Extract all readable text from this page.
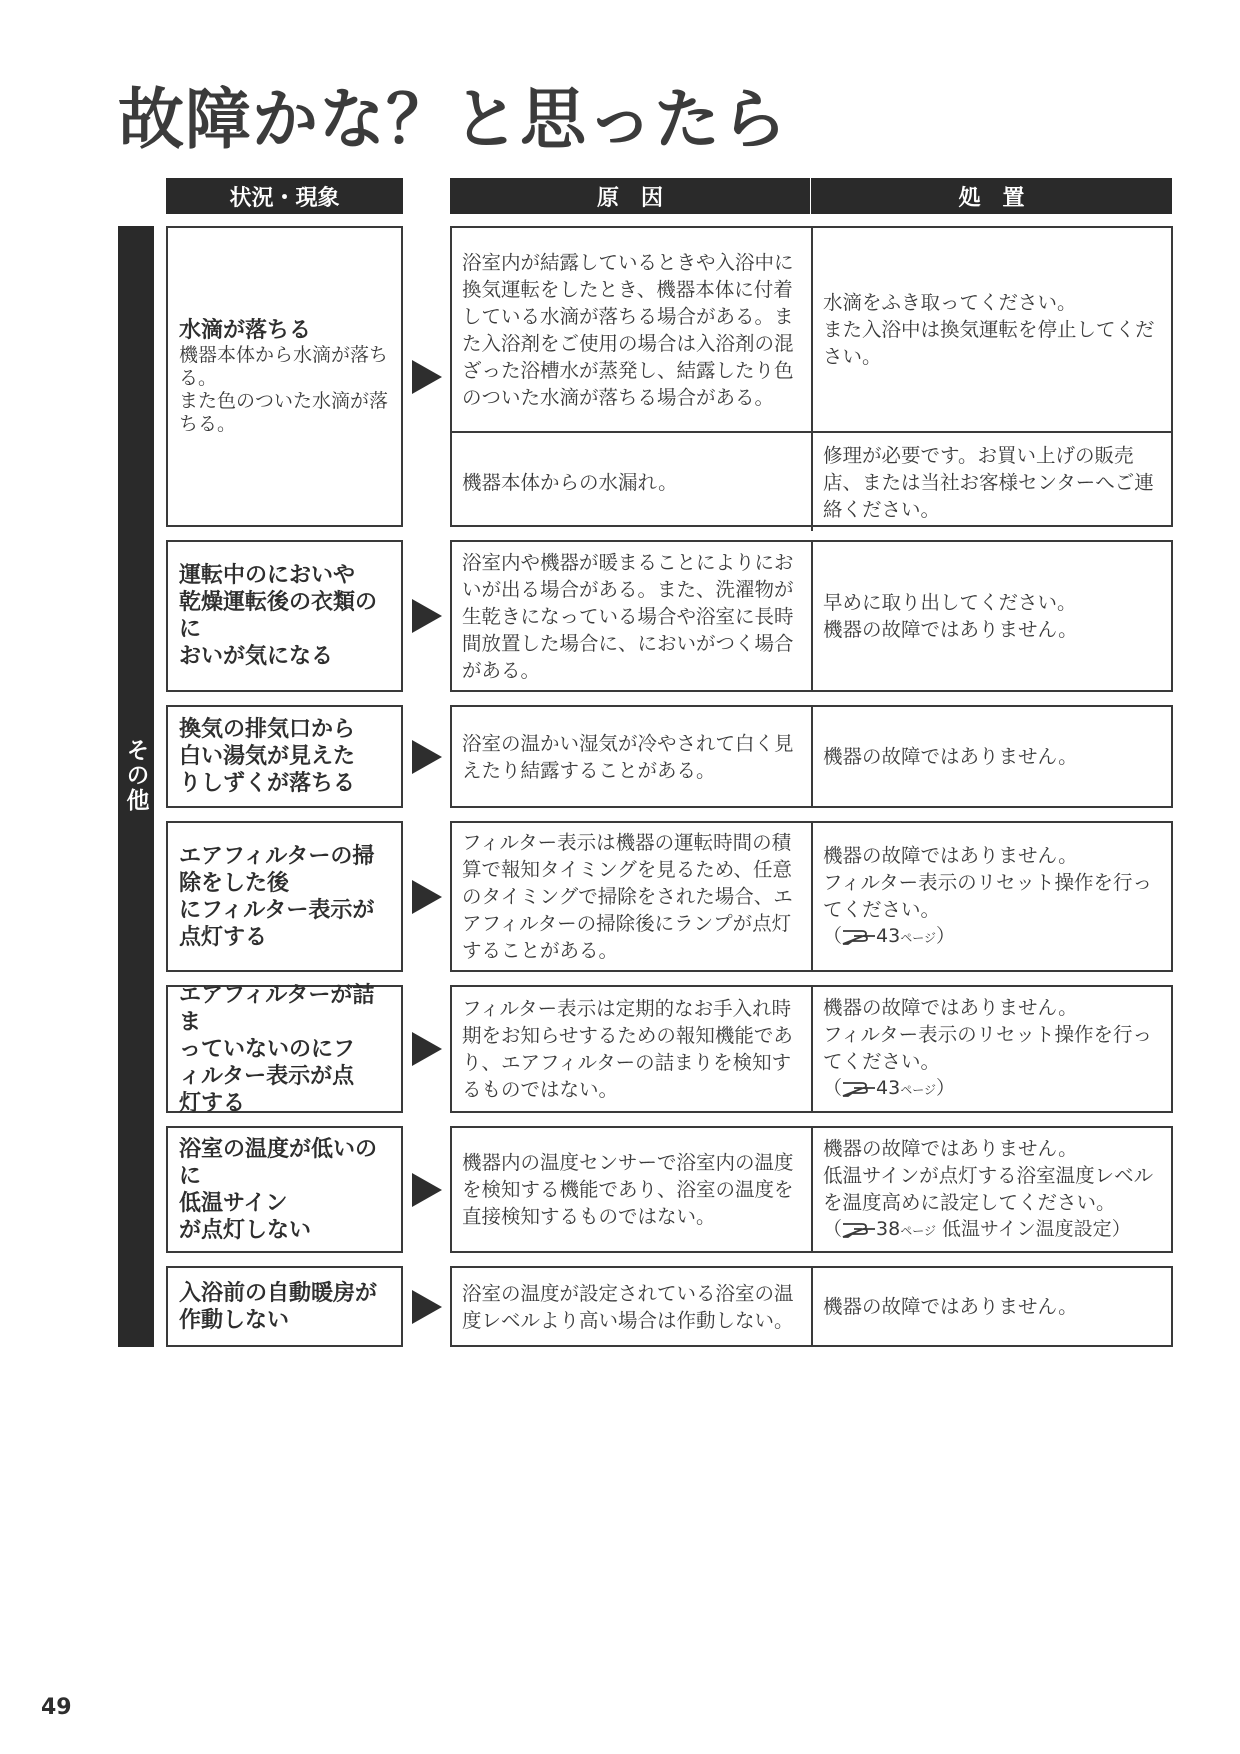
故障かな？と思ったら
状況・現象	原　因	処　置
その他
49
水滴が落ちる
機器本体から水滴が落ちる。
また色のついた水滴が落ちる。
浴室内が結露しているときや入浴中に換気運転をしたとき、機器本体に付着している水滴が落ちる場合がある。また入浴剤をご使用の場合は入浴剤の混ざった浴槽水が蒸発し、結露したり色のついた水滴が落ちる場合がある。
水滴をふき取ってください。
また入浴中は換気運転を停止してください。
機器本体からの水漏れ。
修理が必要です。お買い上げの販売店、または当社お客様センターへご連絡ください。
運転中のにおいや
乾燥運転後の衣類のに
おいが気になる
浴室内や機器が暖まることによりにおいが出る場合がある。また、洗濯物が生乾きになっている場合や浴室に長時間放置した場合に、においがつく場合がある。
早めに取り出してください。
機器の故障ではありません。
換気の排気口から
白い湯気が見えた
りしずくが落ちる
浴室の温かい湿気が冷やされて白く見えたり結露することがある。
機器の故障ではありません。
エアフィルターの掃
除をした後
にフィルター表示が
点灯する
フィルター表示は機器の運転時間の積算で報知タイミングを見るため、任意のタイミングで掃除をされた場合、エアフィルターの掃除後にランプが点灯することがある。
機器の故障ではありません。
フィルター表示のリセット操作を行ってください。
（ 43ページ）
エアフィルターが詰ま
っていないのにフ
ィルター表示が点
灯する
フィルター表示は定期的なお手入れ時期をお知らせするための報知機能であり、エアフィルターの詰まりを検知するものではない。
機器の故障ではありません。
フィルター表示のリセット操作を行ってください。
（ 43ページ）
浴室の温度が低いのに
低温サイン
が点灯しない
機器内の温度センサーで浴室内の温度を検知する機能であり、浴室の温度を直接検知するものではない。
機器の故障ではありません。
低温サインが点灯する浴室温度レベルを温度高めに設定してください。
（ 38ページ 低温サイン温度設定）
入浴前の自動暖房が
作動しない
浴室の温度が設定されている浴室の温度レベルより高い場合は作動しない。
機器の故障ではありません。
